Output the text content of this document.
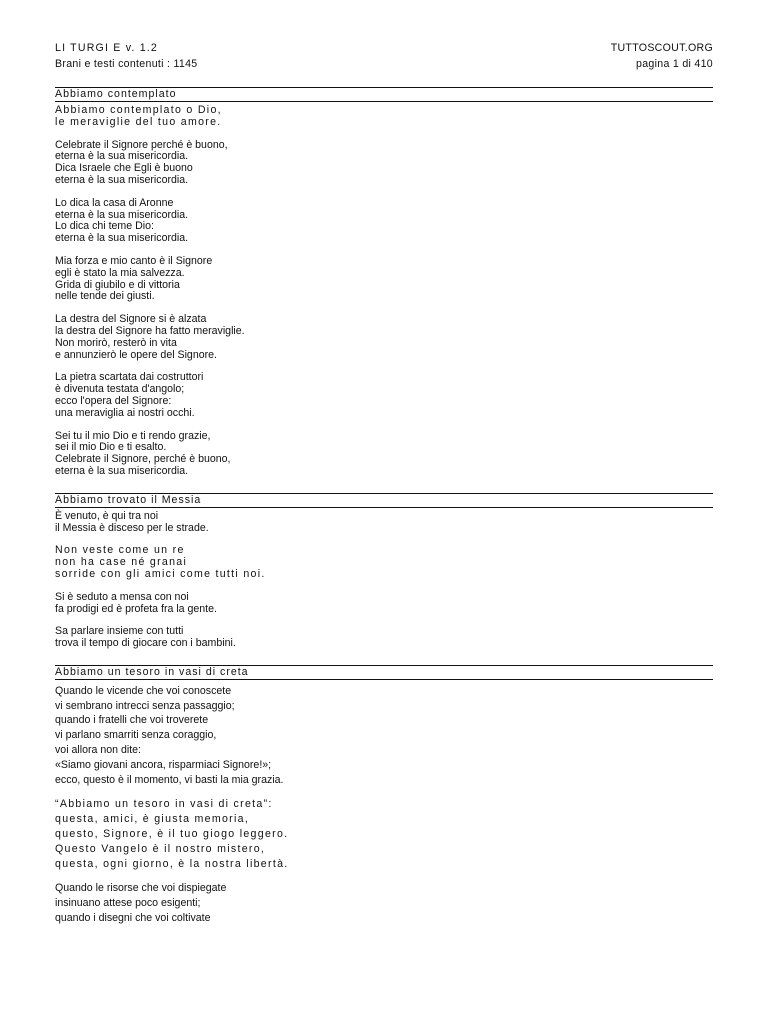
LI TURGI E v. 1.2	TUTTOSCOUT.ORG
Brani e testi contenuti : 1145	pagina 1 di 410
Abbiamo contemplato
Abbiamo contemplato o Dio,
le meraviglie del tuo amore.
Celebrate il Signore perché è buono,
eterna è la sua misericordia.
Dica Israele che Egli è buono
eterna è la sua misericordia.
Lo dica la casa di Aronne
eterna è la sua misericordia.
Lo dica chi teme Dio:
eterna è la sua misericordia.
Mia forza e mio canto è il Signore
egli è stato la mia salvezza.
Grida di giubilo e di vittoria
nelle tende dei giusti.
La destra del Signore si è alzata
la destra del Signore ha fatto meraviglie.
Non morirò, resterò in vita
e annunzierò le opere del Signore.
La pietra scartata dai costruttori
è divenuta testata d'angolo;
ecco l'opera del Signore:
una meraviglia ai nostri occhi.
Sei tu il mio Dio e ti rendo grazie,
sei il mio Dio e ti esalto.
Celebrate il Signore, perché è buono,
eterna è la sua misericordia.
Abbiamo trovato il Messia
È venuto, è qui tra noi
il Messia è disceso per le strade.
Non veste come un re
non ha case né granai
sorride con gli amici come tutti noi.
Si è seduto a mensa con noi
fa prodigi ed è profeta fra la gente.
Sa parlare insieme con tutti
trova il tempo di giocare con i bambini.
Abbiamo un tesoro in vasi di creta
Quando le vicende che voi conoscete
vi sembrano intrecci senza passaggio;
quando i fratelli che voi troverete
vi parlano smarriti senza coraggio,
voi allora non dite:
«Siamo giovani ancora, risparmiaci Signore!»;
ecco, questo è il momento, vi basti la mia grazia.
“Abbiamo un tesoro in vasi di creta”:
questa, amici, è giusta memoria,
questo, Signore, è il tuo giogo leggero.
Questo Vangelo è il nostro mistero,
questa, ogni giorno, è la nostra libertà.
Quando le risorse che voi dispiegate
insinuano attese poco esigenti;
quando i disegni che voi coltivate
